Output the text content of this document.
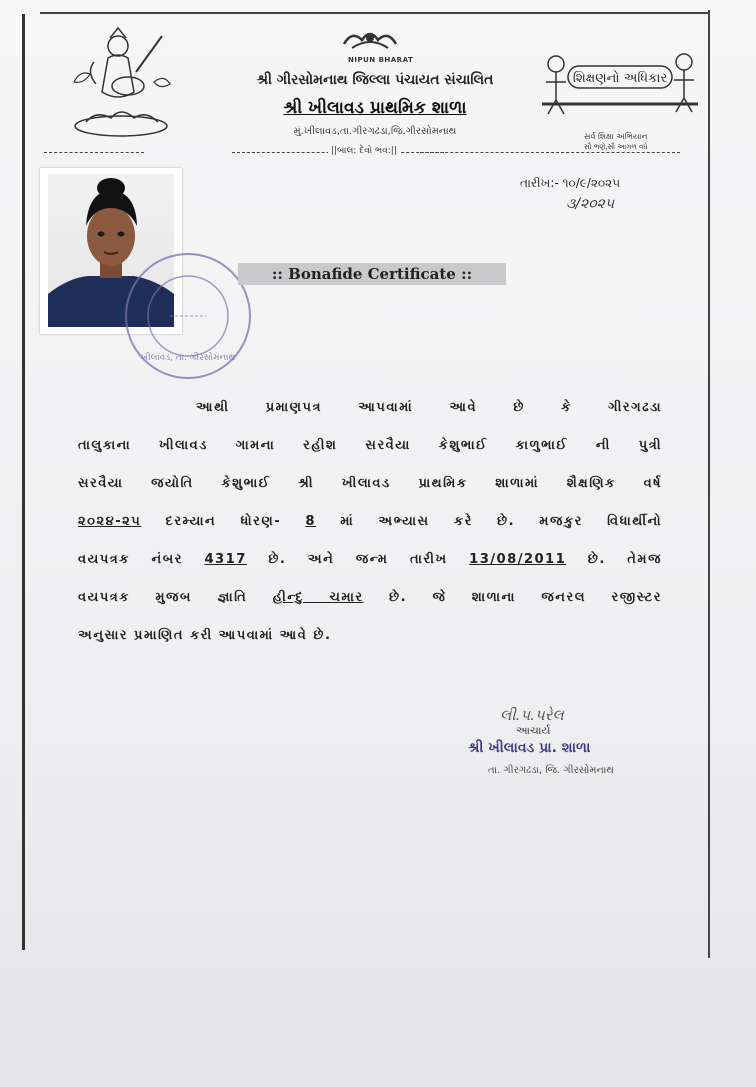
NIPUN BHARAT
શ્રી ગીરસોમનાથ જિલ્લા પંચાયત સંચાલિત
શ્રી ખીલાવડ પ્રાથમિક શાળા
મું.ખીલાવડ,તા.ગીરગઢડા,જિ.ગીરસોમનાથ
||બાલ: દેવો ભવ:||
શિક્ષણનો અધિકાર
સર્વ શિક્ષા અભિયાન
સૌ ભણે,સૌ આગળ વધે
ખીલાવડ, તા. ગીરસોમનાથ
તારીખ:- ૧૦/૯/૨૦૨૫
૩/૨૦૨૫
:: Bonafide Certificate ::
આથી પ્રમાણપત્ર આપવામાં આવે છે કે ગીરગઢડા
તાલુકાના ખીલાવડ ગામના રહીશ સરવૈયા કેશુભાઈ કાળુભાઈ ની પુત્રી
સરવૈયા જયોતિ કેશુભાઈ શ્રી ખીલાવડ પ્રાથમિક શાળામાં શૈક્ષણિક વર્ષ
૨૦૨૪-૨૫ દરમ્યાન ધોરણ- 8 માં અભ્યાસ કરે છે. મજકુર વિધાર્થીનો
વયપત્રક નંબર 4317 છે. અને જન્મ તારીખ 13/08/2011 છે. તેમજ
વયપત્રક મુજબ જ્ઞાતિ હીન્દુ ચમાર છે. જે શાળાના જનરલ રજીસ્ટર
અનુસાર પ્રમાણિત કરી આપવામાં આવે છે.
લી.પ.પરેલ
આચાર્ય
શ્રી ખીલાવડ પ્રા. શાળા
તા. ગીરગઢડા, જિ. ગીરસોમનાથ
